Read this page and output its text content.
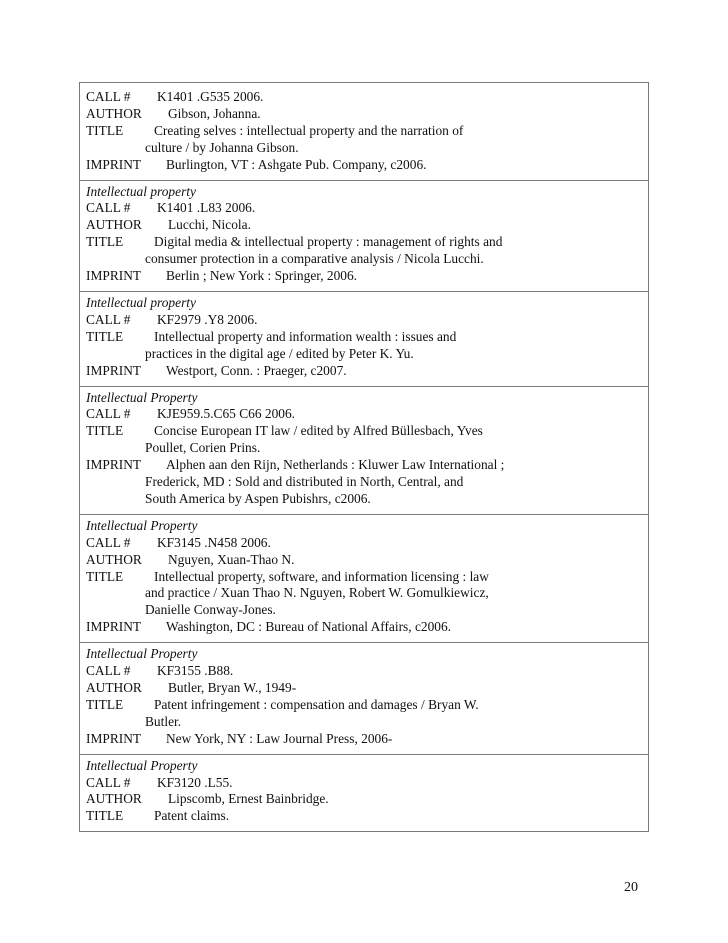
CALL #	K1401 .G535 2006.
AUTHOR	Gibson, Johanna.
TITLE	Creating selves : intellectual property and the narration of
culture / by Johanna Gibson.
IMPRINT	Burlington, VT : Ashgate Pub. Company, c2006.
Intellectual property
CALL #	K1401 .L83 2006.
AUTHOR	Lucchi, Nicola.
TITLE	Digital media & intellectual property : management of rights and
consumer protection in a comparative analysis / Nicola Lucchi.
IMPRINT	Berlin ; New York : Springer, 2006.
Intellectual property
CALL #	KF2979 .Y8 2006.
TITLE	Intellectual property and information wealth : issues and
practices in the digital age / edited by Peter K. Yu.
IMPRINT	Westport, Conn. : Praeger, c2007.
Intellectual Property
CALL #	KJE959.5.C65 C66 2006.
TITLE	Concise European IT law / edited by Alfred Büllesbach, Yves
Poullet, Corien Prins.
IMPRINT	Alphen aan den Rijn, Netherlands : Kluwer Law International ;
Frederick, MD : Sold and distributed in North, Central, and
South America by Aspen Pubishrs, c2006.
Intellectual Property
CALL #	KF3145 .N458 2006.
AUTHOR	Nguyen, Xuan-Thao N.
TITLE	Intellectual property, software, and information licensing : law
and practice / Xuan Thao N. Nguyen, Robert W. Gomulkiewicz,
Danielle Conway-Jones.
IMPRINT	Washington, DC : Bureau of National Affairs, c2006.
Intellectual Property
CALL #	KF3155 .B88.
AUTHOR	Butler, Bryan W., 1949-
TITLE	Patent infringement : compensation and damages / Bryan W.
Butler.
IMPRINT	New York, NY : Law Journal Press, 2006-
Intellectual Property
CALL #	KF3120 .L55.
AUTHOR	Lipscomb, Ernest Bainbridge.
TITLE	Patent claims.
20
